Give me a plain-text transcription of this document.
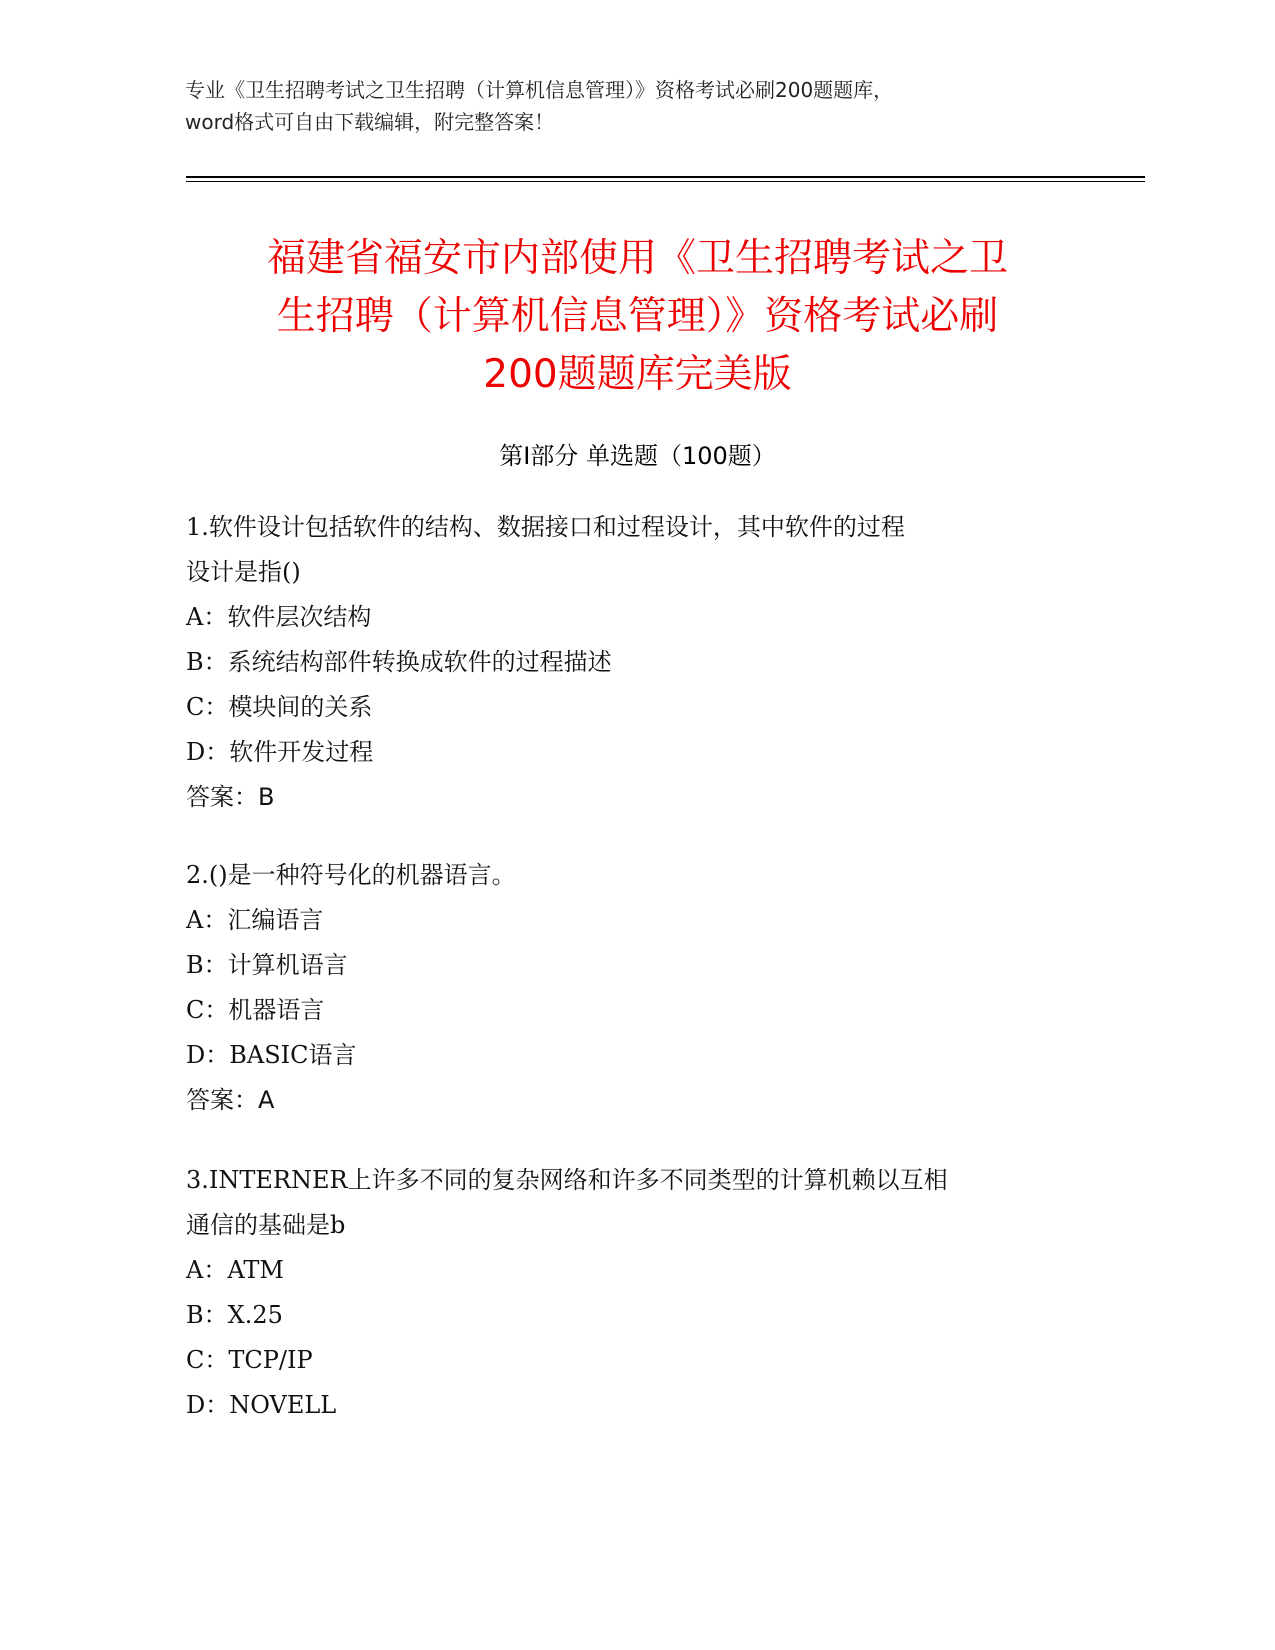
专业《卫生招聘考试之卫生招聘（计算机信息管理）》资格考试必刷200题题库，
word格式可自由下载编辑，附完整答案！
福建省福安市内部使用《卫生招聘考试之卫
生招聘（计算机信息管理）》资格考试必刷
200题题库完美版
第Ⅰ部分 单选题（100题）
1.软件设计包括软件的结构、数据接口和过程设计，其中软件的过程
设计是指()
A：软件层次结构
B：系统结构部件转换成软件的过程描述
C：模块间的关系
D：软件开发过程
答案：B
2.()是一种符号化的机器语言。
A：汇编语言
B：计算机语言
C：机器语言
D：BASIC语言
答案：A
3.INTERNER上许多不同的复杂网络和许多不同类型的计算机赖以互相
通信的基础是b
A：ATM
B：X.25
C：TCP/IP
D：NOVELL
